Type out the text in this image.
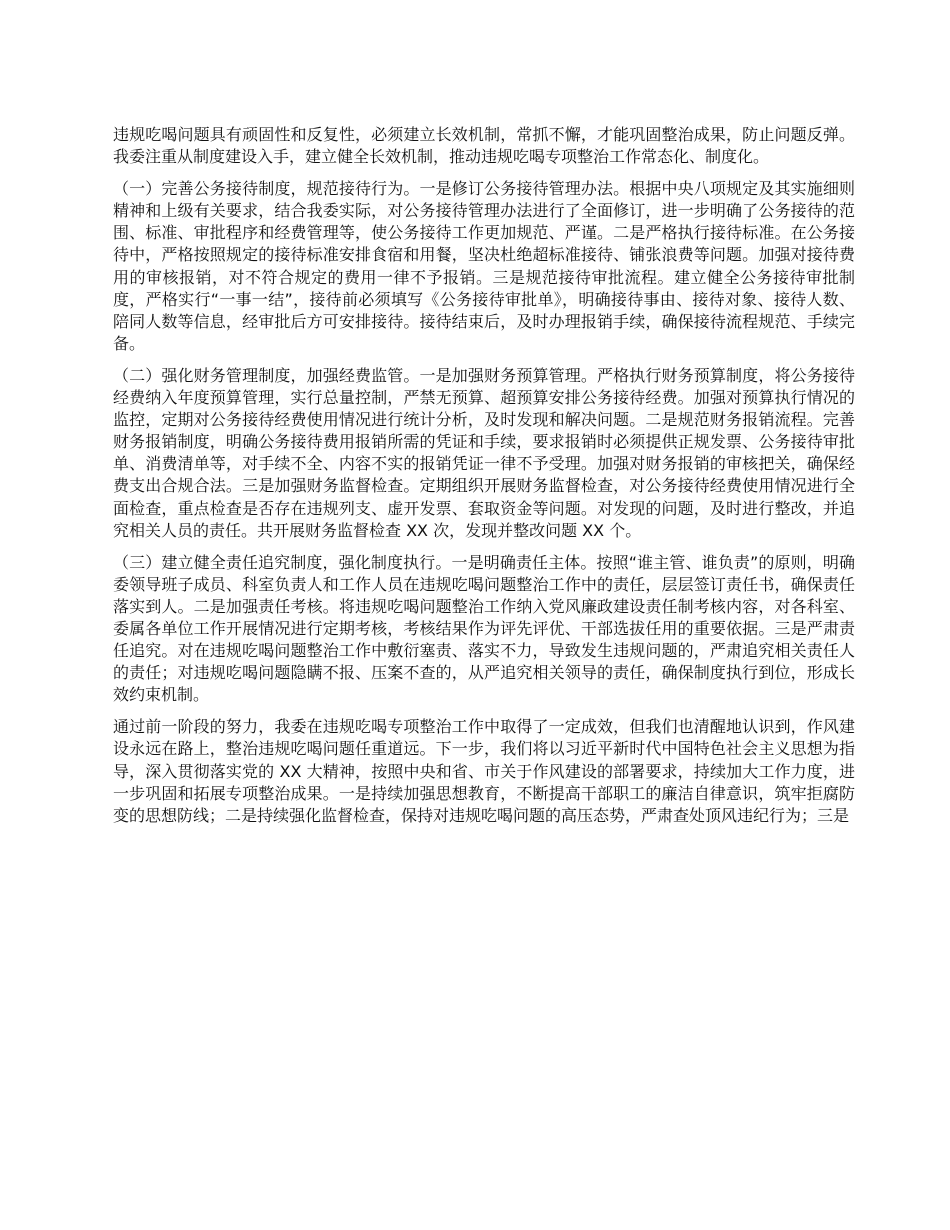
违规吃喝问题具有顽固性和反复性，必须建立长效机制，常抓不懈，才能巩固整治成果，防止问题反弹。我委注重从制度建设入手，建立健全长效机制，推动违规吃喝专项整治工作常态化、制度化。

（一）完善公务接待制度，规范接待行为。一是修订公务接待管理办法。根据中央八项规定及其实施细则精神和上级有关要求，结合我委实际，对公务接待管理办法进行了全面修订，进一步明确了公务接待的范围、标准、审批程序和经费管理等，使公务接待工作更加规范、严谨。二是严格执行接待标准。在公务接待中，严格按照规定的接待标准安排食宿和用餐，坚决杜绝超标准接待、铺张浪费等问题。加强对接待费用的审核报销，对不符合规定的费用一律不予报销。三是规范接待审批流程。建立健全公务接待审批制度，严格实行“一事一结”，接待前必须填写《公务接待审批单》，明确接待事由、接待对象、接待人数、陪同人数等信息，经审批后方可安排接待。接待结束后，及时办理报销手续，确保接待流程规范、手续完备。

（二）强化财务管理制度，加强经费监管。一是加强财务预算管理。严格执行财务预算制度，将公务接待经费纳入年度预算管理，实行总量控制，严禁无预算、超预算安排公务接待经费。加强对预算执行情况的监控，定期对公务接待经费使用情况进行统计分析，及时发现和解决问题。二是规范财务报销流程。完善财务报销制度，明确公务接待费用报销所需的凭证和手续，要求报销时必须提供正规发票、公务接待审批单、消费清单等，对手续不全、内容不实的报销凭证一律不予受理。加强对财务报销的审核把关，确保经费支出合规合法。三是加强财务监督检查。定期组织开展财务监督检查，对公务接待经费使用情况进行全面检查，重点检查是否存在违规列支、虚开发票、套取资金等问题。对发现的问题，及时进行整改，并追究相关人员的责任。共开展财务监督检查 XX 次，发现并整改问题 XX 个。

（三）建立健全责任追究制度，强化制度执行。一是明确责任主体。按照“谁主管、谁负责”的原则，明确委领导班子成员、科室负责人和工作人员在违规吃喝问题整治工作中的责任，层层签订责任书，确保责任落实到人。二是加强责任考核。将违规吃喝问题整治工作纳入党风廉政建设责任制考核内容，对各科室、委属各单位工作开展情况进行定期考核，考核结果作为评先评优、干部选拔任用的重要依据。三是严肃责任追究。对在违规吃喝问题整治工作中敷衍塞责、落实不力，导致发生违规问题的，严肃追究相关责任人的责任；对违规吃喝问题隐瞒不报、压案不查的，从严追究相关领导的责任，确保制度执行到位，形成长效约束机制。

通过前一阶段的努力，我委在违规吃喝专项整治工作中取得了一定成效，但我们也清醒地认识到，作风建设永远在路上，整治违规吃喝问题任重道远。下一步，我们将以习近平新时代中国特色社会主义思想为指导，深入贯彻落实党的 XX 大精神，按照中央和省、市关于作风建设的部署要求，持续加大工作力度，进一步巩固和拓展专项整治成果。一是持续加强思想教育，不断提高干部职工的廉洁自律意识，筑牢拒腐防变的思想防线；二是持续强化监督检查，保持对违规吃喝问题的高压态势，严肃查处顶风违纪行为；三是
